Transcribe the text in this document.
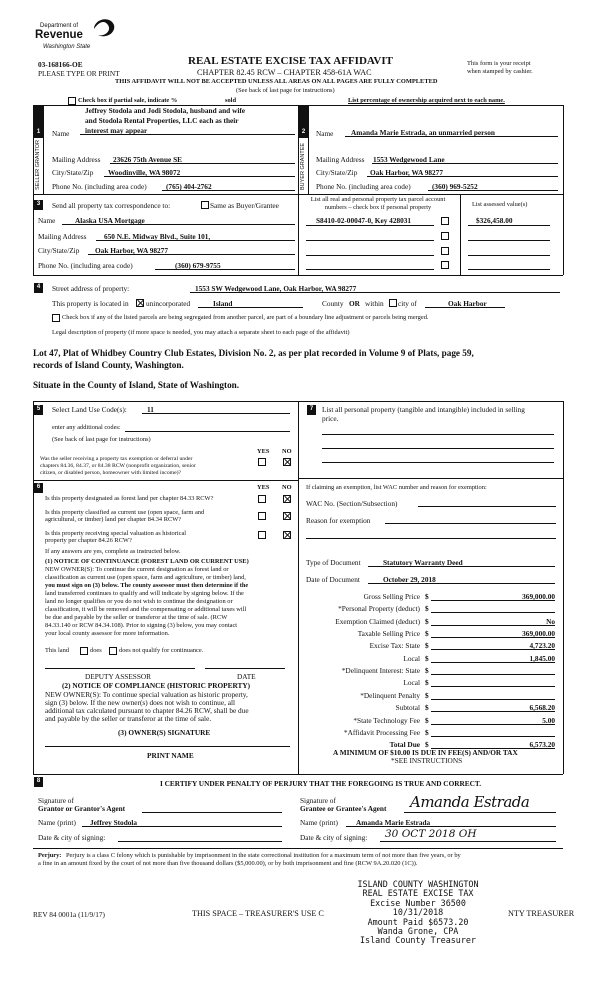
Department of
Revenue
Washington State
03-168166-OE
PLEASE TYPE OR PRINT
REAL ESTATE EXCISE TAX AFFIDAVIT
CHAPTER 82.45 RCW – CHAPTER 458-61A WAC
THIS AFFIDAVIT WILL NOT BE ACCEPTED UNLESS ALL AREAS ON ALL PAGES ARE FULLY COMPLETED
(See back of last page for instructions)
This form is your receipt
when stamped by cashier.
Check box if partial sale, indicate %	sold	List percentage of ownership acquired next to each name.
1	2
SELLER GRANTOR	BUYER GRANTEE
Name
Jeffrey Stodola and Jodi Stodola, husband and wife
and Stodola Rental Properties, LLC each as their
interest may appear
Mailing Address 23626 75th Avenue SE
City/State/Zip Woodinville, WA 98072
Phone No. (including area code)	(765) 404-2762
Name Amanda Marie Estrada, an unmarried person
Mailing Address 1553 Wedgewood Lane
City/State/Zip Oak Harbor, WA 98277
Phone No. (including area code)	(360) 969-5252
3	Send all property tax correspondence to:	Same as Buyer/Grantee
Name	Alaska USA Mortgage
Mailing Address 650 N.E. Midway Blvd., Suite 101,
City/State/Zip Oak Harbor, WA 98277
Phone No. (including area code)	(360) 679-9755
List all real and personal property tax parcel account numbers – check box if personal property	List assessed value(s)
S8410-02-00047-0, Key 428031	$326,458.00
4	Street address of property:	1553 SW Wedgewood Lane, Oak Harbor, WA 98277
This property is located in unincorporated	Island	County OR within city of	Oak Harbor
Check box if any of the listed parcels are being segregated from another parcel, are part of a boundary line adjustment or parcels being merged.
Legal description of property (if more space is needed, you may attach a separate sheet to each page of the affidavit)
Lot 47, Plat of Whidbey Country Club Estates, Division No. 2, as per plat recorded in Volume 9 of Plats, page 59,
records of Island County, Washington.
Situate in the County of Island, State of Washington.
5	Select Land Use Code(s):	11
enter any additional codes:
(See back of last page for instructions)
YES NO
Was the seller receiving a property tax exemption or deferral under
chapters 84.36, 84.37, or 84.38 RCW (nonprofit organization, senior
citizen, or disabled person, homeowner with limited income)?
6	YES NO
Is this property designated as forest land per chapter 84.33 RCW?
Is this property classified as current use (open space, farm and
agricultural, or timber) land per chapter 84.34 RCW?
Is this property receiving special valuation as historical
property per chapter 84.26 RCW?
If any answers are yes, complete as instructed below.
(1) NOTICE OF CONTINUANCE (FOREST LAND OR CURRENT USE)
NEW OWNER(S): To continue the current designation as forest land or
classification as current use (open space, farm and agriculture, or timber) land,
you must sign on (3) below. The county assessor must then determine if the
land transferred continues to qualify and will indicate by signing below. If the
land no longer qualifies or you do not wish to continue the designation or
classification, it will be removed and the compensating or additional taxes will
be due and payable by the seller or transferor at the time of sale. (RCW
84.33.140 or RCW 84.34.108). Prior to signing (3) below, you may contact
your local county assessor for more information.
This land	does	does not qualify for continuance.
DEPUTY ASSESSOR	DATE
(2) NOTICE OF COMPLIANCE (HISTORIC PROPERTY)
NEW OWNER(S): To continue special valuation as historic property,
sign (3) below. If the new owner(s) does not wish to continue, all
additional tax calculated pursuant to chapter 84.26 RCW, shall be due
and payable by the seller or transferor at the time of sale.
(3) OWNER(S) SIGNATURE
PRINT NAME
7	List all personal property (tangible and intangible) included in selling
price.
If claiming an exemption, list WAC number and reason for exemption:
WAC No. (Section/Subsection)
Reason for exemption
Type of Document	Statutory Warranty Deed
Date of Document	October 29, 2018
Gross Selling Price $	369,000.00
*Personal Property (deduct) $
Exemption Claimed (deduct) $	No
Taxable Selling Price $	369,000.00
Excise Tax: State $	4,723.20
Local $	1,845.00
*Delinquent Interest: State $
Local $
*Delinquent Penalty $
Subtotal $	6,568.20
*State Technology Fee $	5.00
*Affidavit Processing Fee $
Total Due $	6,573.20
A MINIMUM OF $10.00 IS DUE IN FEE(S) AND/OR TAX
*SEE INSTRUCTIONS
8	I CERTIFY UNDER PENALTY OF PERJURY THAT THE FOREGOING IS TRUE AND CORRECT.
Signature of
Grantor or Grantor's Agent
Name (print) Jeffrey Stodola
Date & city of signing:
Signature of
Grantee or Grantee's Agent Amanda Estrada
Name (print) Amanda Marie Estrada
Date & city of signing: 30 OCT 2018 OH
Perjury: Perjury is a class C felony which is punishable by imprisonment in the state correctional institution for a maximum term of not more than five years, or by
a fine in an amount fixed by the court of not more than five thousand dollars ($5,000.00), or by both imprisonment and fine (RCW 9A.20.020 (1C)).
ISLAND COUNTY WASHINGTON
REAL ESTATE EXCISE TAX
Excise Number 36500
10/31/2018
Amount Paid $6573.20
Wanda Grone, CPA
Island County Treasurer
REV 84 0001a (11/9/17)	THIS SPACE – TREASURER'S USE C	NTY TREASURER
